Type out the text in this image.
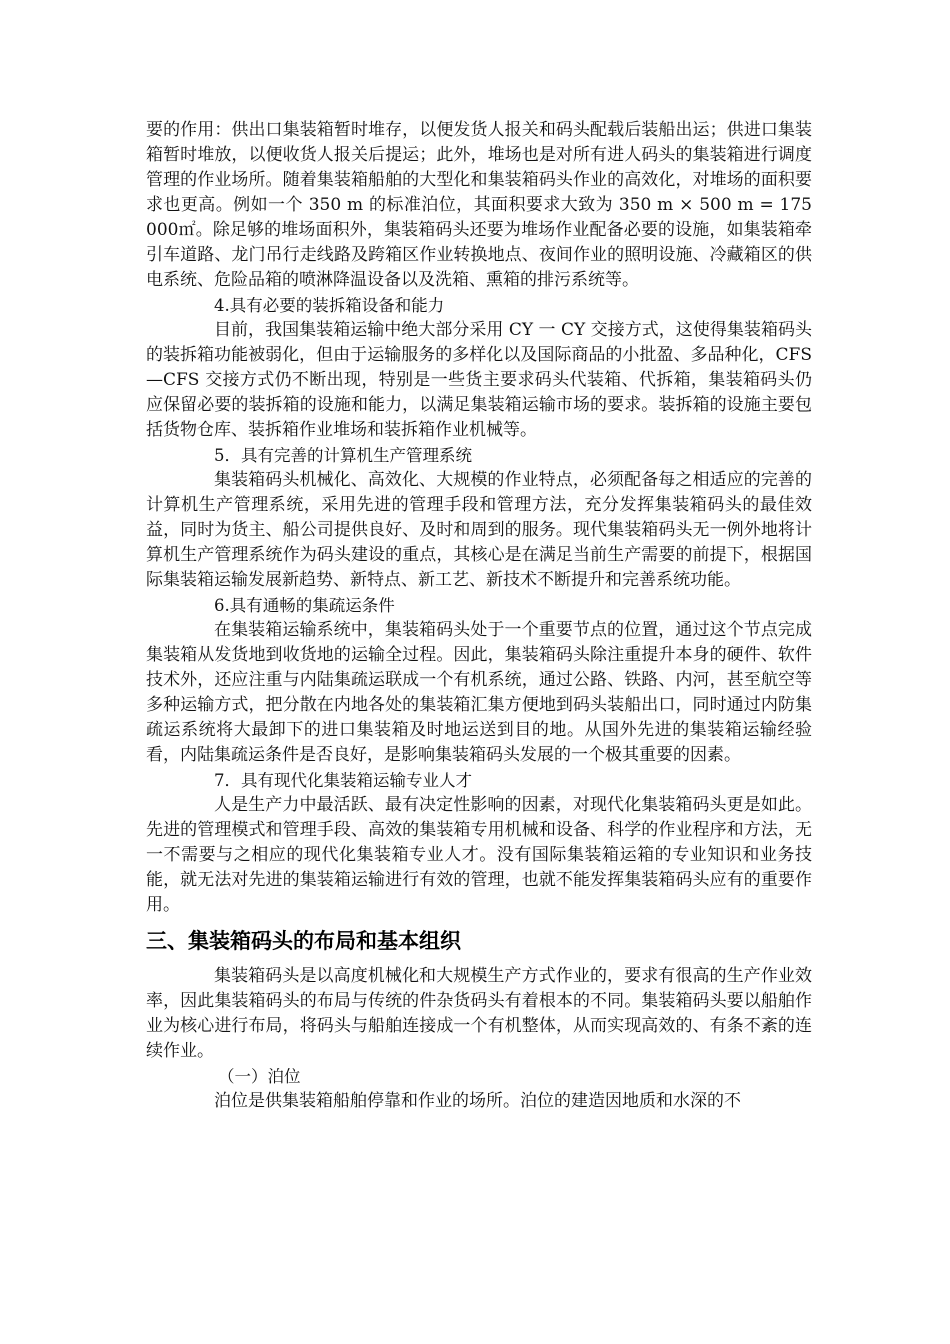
要的作用：供出口集装箱暂时堆存，以便发货人报关和码头配载后装船出运；供进口集装箱暂时堆放，以便收货人报关后提运；此外，堆场也是对所有进人码头的集装箱进行调度管理的作业场所。随着集装箱船舶的大型化和集装箱码头作业的高效化，对堆场的面积要求也更高。例如一个 350 m 的标准泊位，其面积要求大致为 350 m × 500 m = 175 000㎡。除足够的堆场面积外，集装箱码头还要为堆场作业配备必要的设施，如集装箱牵引车道路、龙门吊行走线路及跨箱区作业转换地点、夜间作业的照明设施、冷藏箱区的供电系统、危险品箱的喷淋降温设备以及洗箱、熏箱的排污系统等。

4.具有必要的装拆箱设备和能力

目前，我国集装箱运输中绝大部分采用 CY 一 CY 交接方式，这使得集装箱码头的装拆箱功能被弱化，但由于运输服务的多样化以及国际商品的小批盈、多品种化，CFS—CFS 交接方式仍不断出现，特别是一些货主要求码头代装箱、代拆箱，集装箱码头仍应保留必要的装拆箱的设施和能力，以满足集装箱运输市场的要求。装拆箱的设施主要包括货物仓库、装拆箱作业堆场和装拆箱作业机械等。

5．具有完善的计算机生产管理系统

集装箱码头机械化、高效化、大规模的作业特点，必须配备每之相适应的完善的计算机生产管理系统，采用先进的管理手段和管理方法，充分发挥集装箱码头的最佳效益，同时为货主、船公司提供良好、及时和周到的服务。现代集装箱码头无一例外地将计算机生产管理系统作为码头建设的重点，其核心是在满足当前生产需要的前提下，根据国际集装箱运输发展新趋势、新特点、新工艺、新技术不断提升和完善系统功能。

6.具有通畅的集疏运条件

在集装箱运输系统中，集装箱码头处于一个重要节点的位置，通过这个节点完成集装箱从发货地到收货地的运输全过程。因此，集装箱码头除注重提升本身的硬件、软件技术外，还应注重与内陆集疏运联成一个有机系统，通过公路、铁路、内河，甚至航空等多种运输方式，把分散在内地各处的集装箱汇集方便地到码头装船出口，同时通过内防集疏运系统将大最卸下的进口集装箱及时地运送到目的地。从国外先进的集装箱运输经验看，内陆集疏运条件是否良好，是影响集装箱码头发展的一个极其重要的因素。

7．具有现代化集装箱运输专业人才

人是生产力中最活跃、最有决定性影响的因素，对现代化集装箱码头更是如此。先进的管理模式和管理手段、高效的集装箱专用机械和设备、科学的作业程序和方法，无一不需要与之相应的现代化集装箱专业人才。没有国际集装箱运箱的专业知识和业务技能，就无法对先进的集装箱运输进行有效的管理，也就不能发挥集装箱码头应有的重要作用。

三、集装箱码头的布局和基本组织

集装箱码头是以高度机械化和大规模生产方式作业的，要求有很高的生产作业效率，因此集装箱码头的布局与传统的件杂货码头有着根本的不同。集装箱码头要以船舶作业为核心进行布局，将码头与船舶连接成一个有机整体，从而实现高效的、有条不紊的连续作业。

（一）泊位

泊位是供集装箱船舶停靠和作业的场所。泊位的建造因地质和水深的不
